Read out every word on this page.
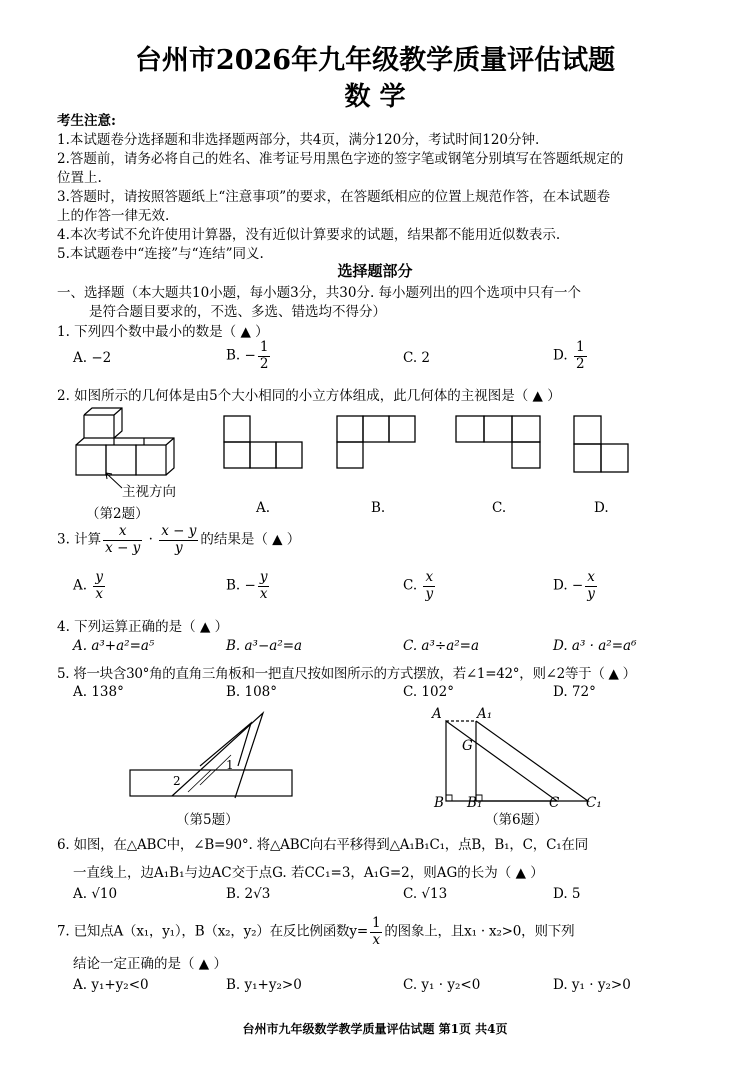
台州市2026年九年级教学质量评估试题
数 学
考生注意:
1.本试题卷分选择题和非选择题两部分，共4页，满分120分，考试时间120分钟.
2.答题前，请务必将自己的姓名、准考证号用黑色字迹的签字笔或钢笔分别填写在答题纸规定的
位置上.
3.答题时，请按照答题纸上“注意事项”的要求，在答题纸相应的位置上规范作答，在本试题卷
上的作答一律无效.
4.本次考试不允许使用计算器，没有近似计算要求的试题，结果都不能用近似数表示.
5.本试题卷中“连接”与“连结”同义.
选择题部分
一、选择题（本大题共10小题，每小题3分，共30分. 每小题列出的四个选项中只有一个
是符合题目要求的，不选、多选、错选均不得分）
1. 下列四个数中最小的数是（ ▲ ）
A. −2	B. − $\frac{1}{2}$	C. 2	D. $\frac{1}{2}$
2. 如图所示的几何体是由5个大小相同的小立方体组成，此几何体的主视图是（ ▲ ）
主视方向
（第2题）	A.	B.	C.	D.
3. 计算 $\frac{x}{x - y} \cdot \frac{x - y}{y}$ 的结果是（ ▲ ）
A. $\frac{y}{x}$	B. − $\frac{y}{x}$	C. $\frac{x}{y}$	D. − $\frac{x}{y}$
4. 下列运算正确的是（ ▲ ）
A. a³+a²=a⁵	B. a³−a²=a	C. a³÷a²=a	D. a³ · a²=a⁶
5. 将一块含30°角的直角三角板和一把直尺按如图所示的方式摆放，若∠1=42°，则∠2等于（ ▲ ）
A. 138°	B. 108°	C. 102°	D. 72°
1
2
（第5题）
A	A₁
G
B B₁	C C₁
（第6题）
6. 如图，在△ABC中，∠B=90°. 将△ABC向右平移得到△A₁B₁C₁，点B，B₁，C，C₁在同
一直线上，边A₁B₁与边AC交于点G. 若CC₁=3，A₁G=2，则AG的长为（ ▲ ）
A. √10	B. 2√3	C. √13	D. 5
7. 已知点A（x₁，y₁），B（x₂，y₂）在反比例函数$y= \frac{1}{x}$ 的图象上，且x₁ · x₂>0，则下列
结论一定正确的是（ ▲ ）
A. y₁+y₂<0	B. y₁+y₂>0	C. y₁ · y₂<0	D. y₁ · y₂>0
台州市九年级数学教学质量评估试题 第1页 共4页
